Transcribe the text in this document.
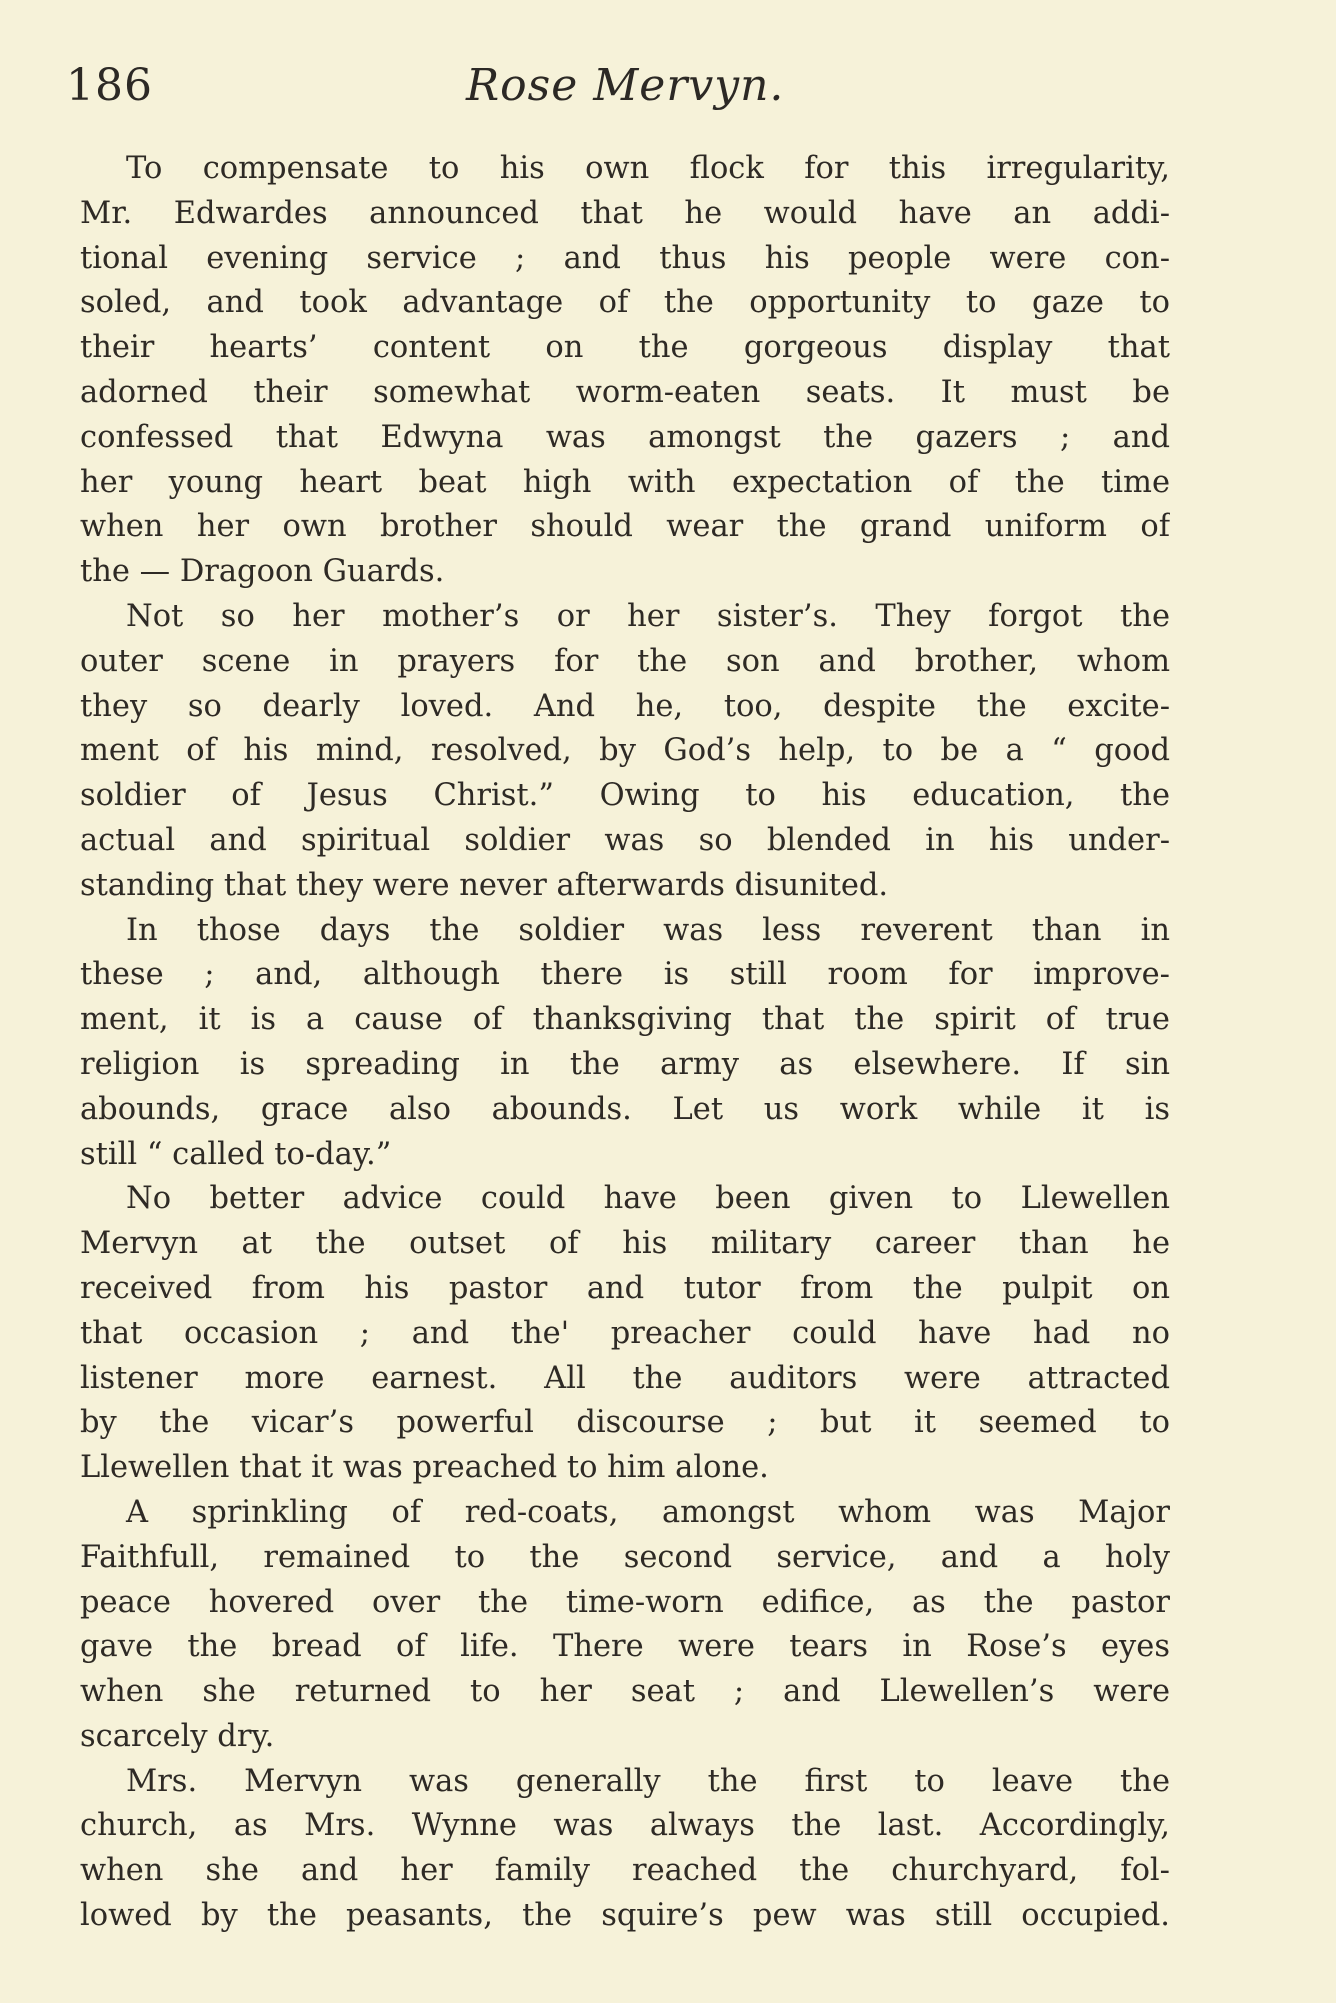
186	Rose Mervyn.
To compensate to his own flock for this irregularity,
Mr. Edwardes announced that he would have an addi-
tional evening service ; and thus his people were con-
soled, and took advantage of the opportunity to gaze to
their hearts’ content on the gorgeous display that
adorned their somewhat worm-eaten seats. It must be
confessed that Edwyna was amongst the gazers ; and
her young heart beat high with expectation of the time
when her own brother should wear the grand uniform of
the — Dragoon Guards.
Not so her mother’s or her sister’s. They forgot the
outer scene in prayers for the son and brother, whom
they so dearly loved. And he, too, despite the excite-
ment of his mind, resolved, by God’s help, to be a “ good
soldier of Jesus Christ.” Owing to his education, the
actual and spiritual soldier was so blended in his under-
standing that they were never afterwards disunited.
In those days the soldier was less reverent than in
these ; and, although there is still room for improve-
ment, it is a cause of thanksgiving that the spirit of true
religion is spreading in the army as elsewhere. If sin
abounds, grace also abounds. Let us work while it is
still “ called to-day.”
No better advice could have been given to Llewellen
Mervyn at the outset of his military career than he
received from his pastor and tutor from the pulpit on
that occasion ; and the' preacher could have had no
listener more earnest. All the auditors were attracted
by the vicar’s powerful discourse ; but it seemed to
Llewellen that it was preached to him alone.
A sprinkling of red-coats, amongst whom was Major
Faithfull, remained to the second service, and a holy
peace hovered over the time-worn edifice, as the pastor
gave the bread of life. There were tears in Rose’s eyes
when she returned to her seat ; and Llewellen’s were
scarcely dry.
Mrs. Mervyn was generally the first to leave the
church, as Mrs. Wynne was always the last. Accordingly,
when she and her family reached the churchyard, fol-
lowed by the peasants, the squire’s pew was still occupied.
